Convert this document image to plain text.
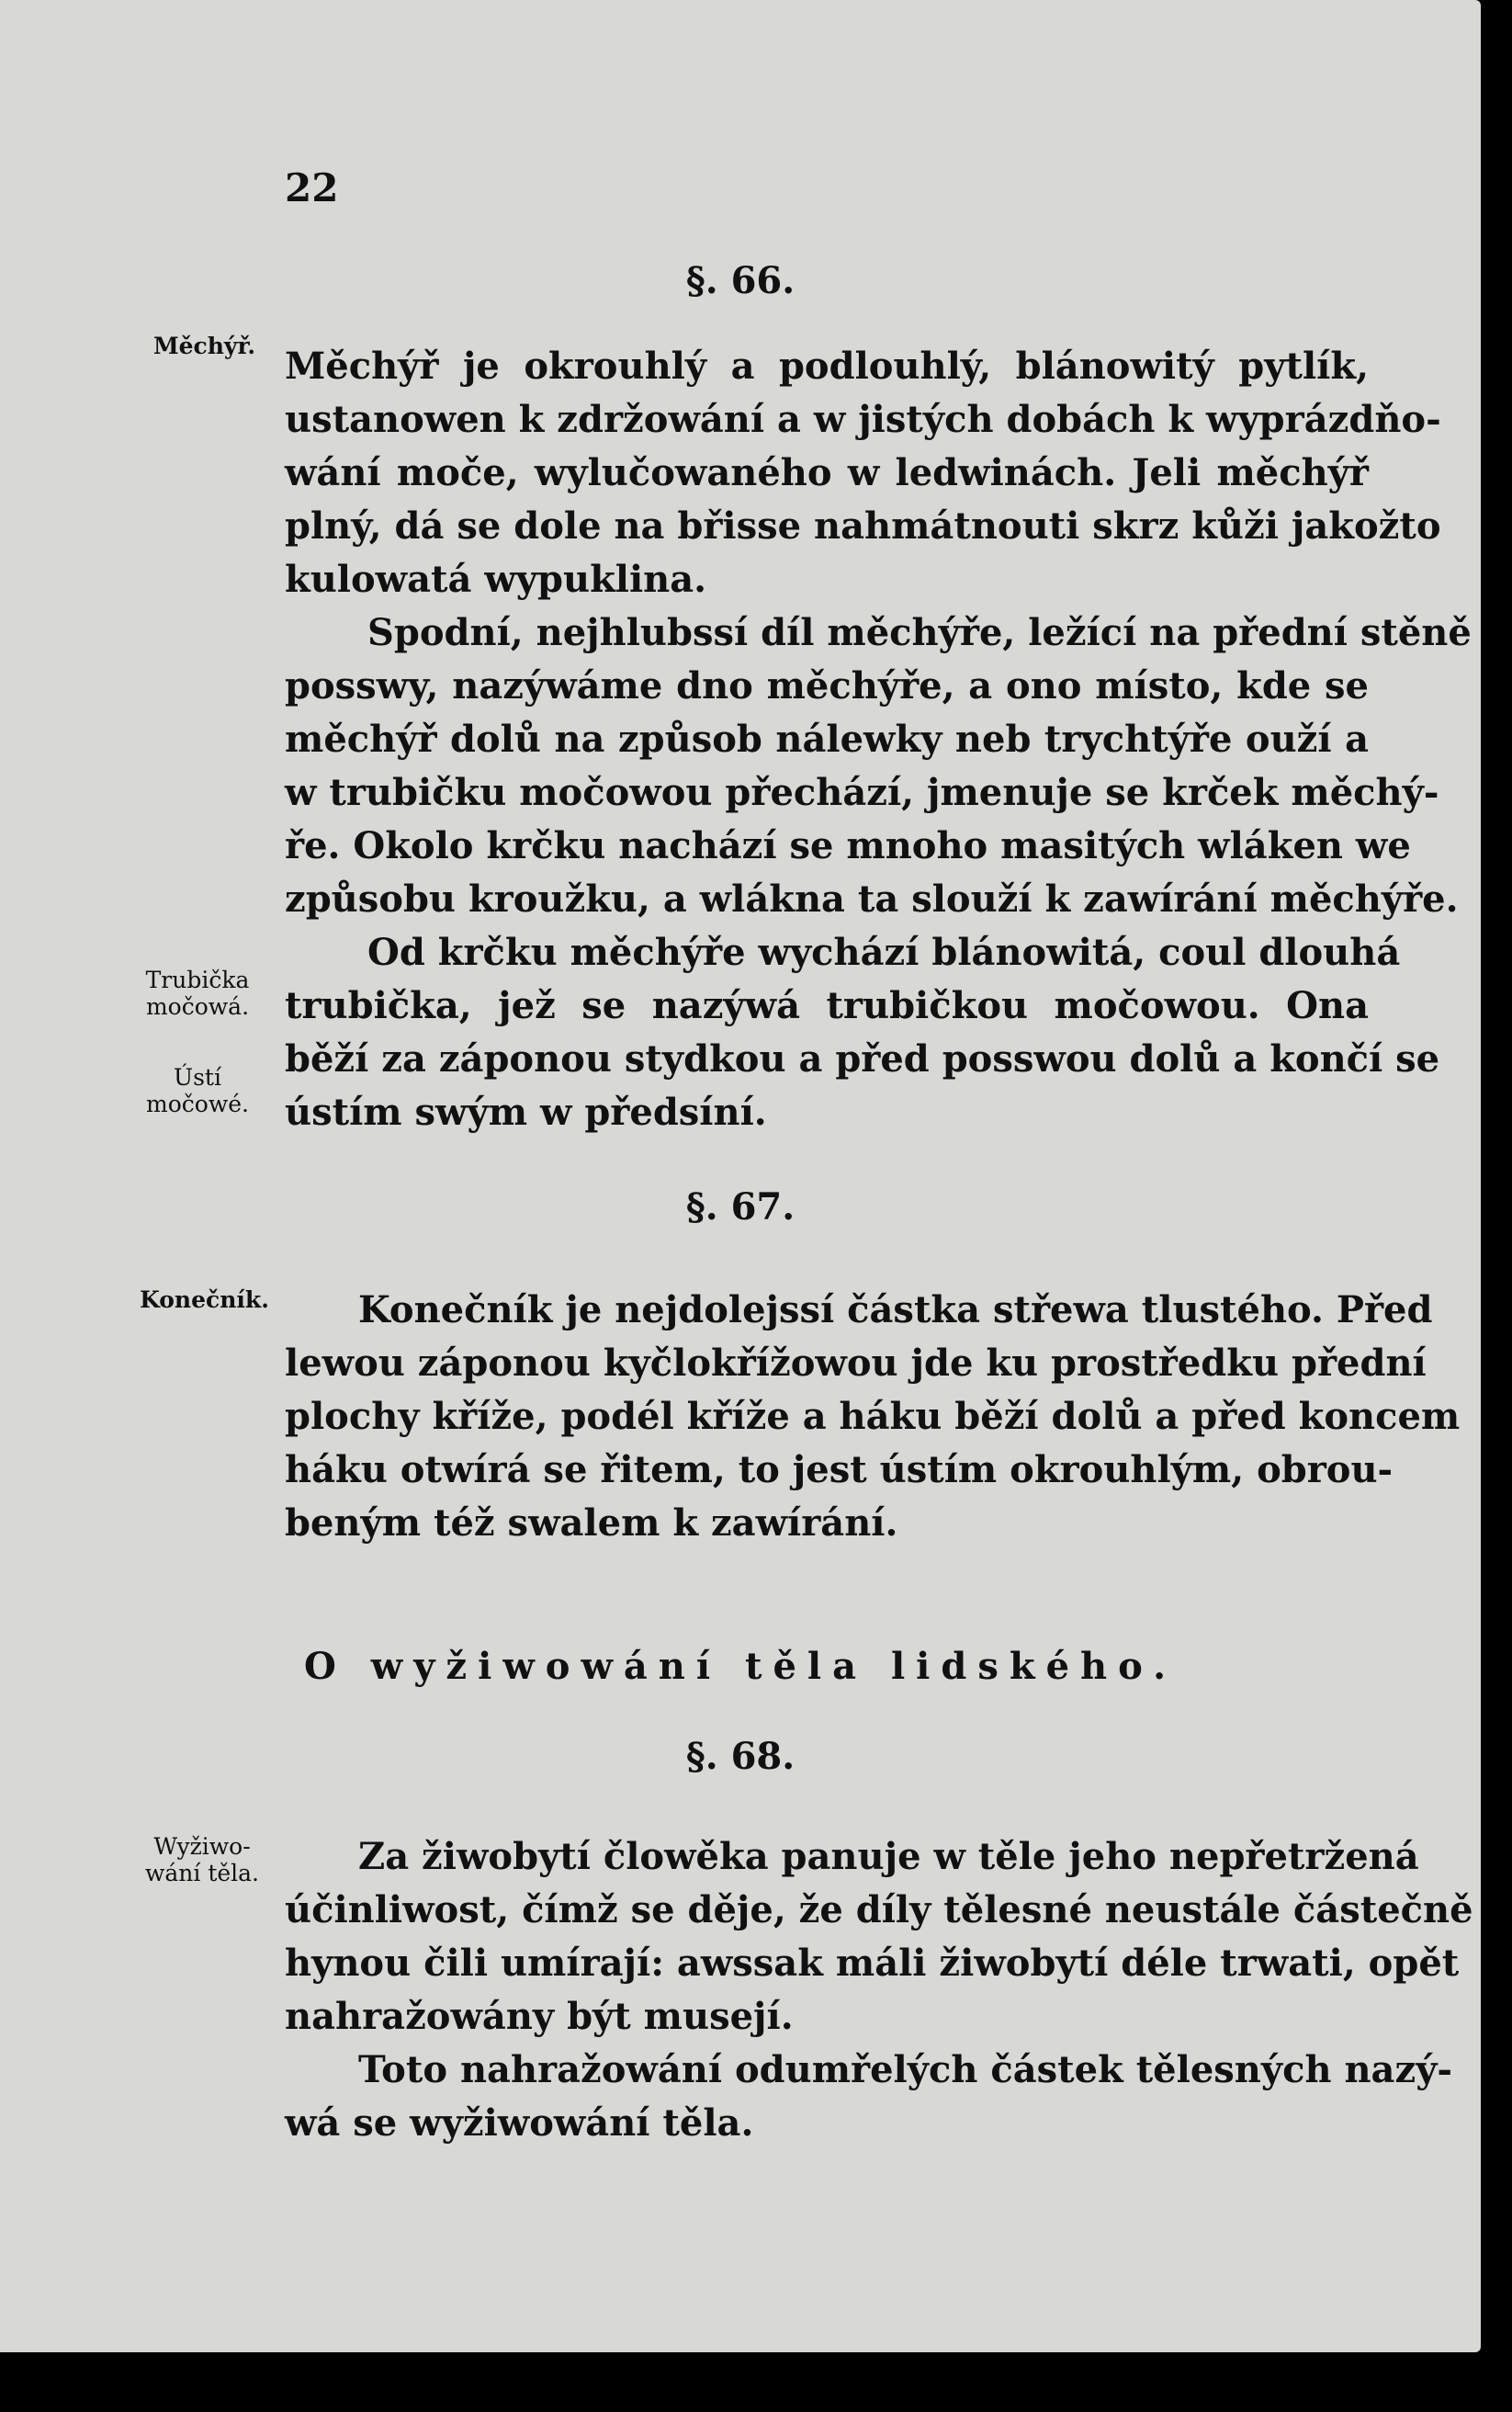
22
§. 66.
Měchýř.
Trubička močowá.
Ústí močowé.
Měchýř je okrouhlý a podlouhlý, blánowitý pytlík,
ustanowen k zdržowání a w jistých dobách k wyprázdňo-
wání moče, wylučowaného w ledwinách. Jeli měchýř
plný, dá se dole na břisse nahmátnouti skrz kůži jakožto
kulowatá wypuklina.
Spodní, nejhlubssí díl měchýře, ležící na přední stěně
posswy, nazýwáme dno měchýře, a ono místo, kde se
měchýř dolů na způsob nálewky neb trychtýře ouží a
w trubičku močowou přechází, jmenuje se krček měchý-
ře. Okolo krčku nachází se mnoho masitých wláken we
způsobu kroužku, a wlákna ta slouží k zawírání měchýře.
Od krčku měchýře wychází blánowitá, coul dlouhá
trubička, jež se nazýwá trubičkou močowou. Ona
běží za záponou stydkou a před posswou dolů a končí se
ústím swým w předsíní.
§. 67.
Konečník.	Konečník je nejdolejssí částka střewa tlustého. Před
lewou záponou kyčlokřížowou jde ku prostředku přední
plochy kříže, podél kříže a háku běží dolů a před koncem
háku otwírá se řitem, to jest ústím okrouhlým, obrou-
beným též swalem k zawírání.
O wyžiwowání těla lidského.
§. 68.
Wyžiwo-wání těla.	Za žiwobytí člowěka panuje w těle jeho nepřetržená
účinliwost, čímž se děje, že díly tělesné neustále částečně
hynou čili umírají: awssak máli žiwobytí déle trwati, opět
nahražowány být musejí.
Toto nahražowání odumřelých částek tělesných nazý-
wá se wyžiwowání těla.
